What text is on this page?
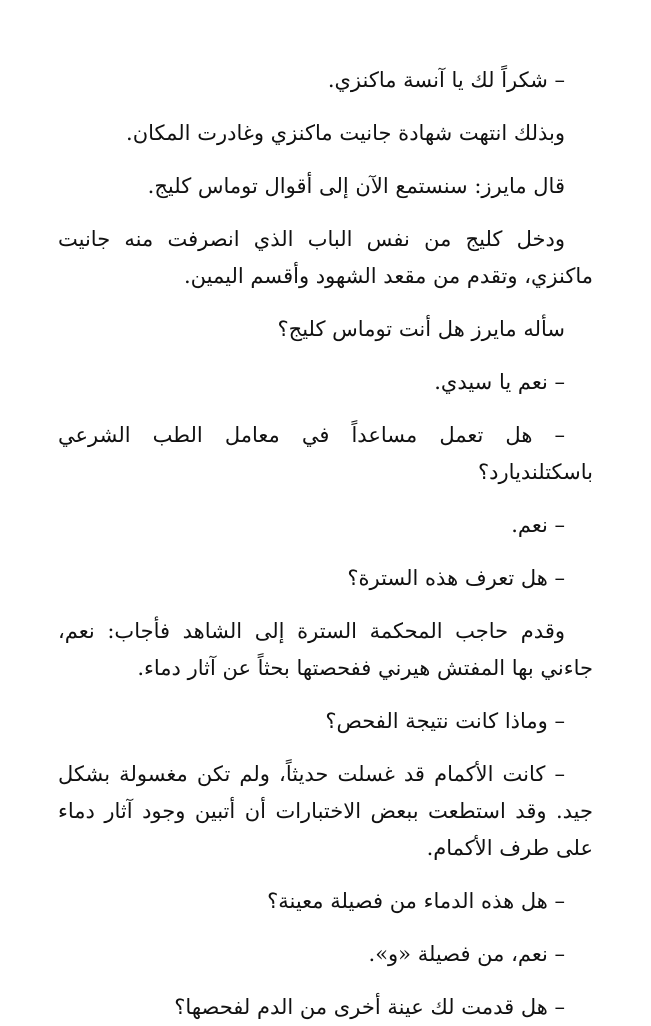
– شكراً لك يا آنسة ماكنزي.

وبذلك انتهت شهادة جانيت ماكنزي وغادرت المكان.

قال مايرز: سنستمع الآن إلى أقوال توماس كليج.

ودخل كليج من نفس الباب الذي انصرفت منه جانيت ماكنزي، وتقدم من مقعد الشهود وأقسم اليمين.

سأله مايرز هل أنت توماس كليج؟

– نعم يا سيدي.

– هل تعمل مساعداً في معامل الطب الشرعي باسكتلنديارد؟

– نعم.

– هل تعرف هذه السترة؟

وقدم حاجب المحكمة السترة إلى الشاهد فأجاب: نعم، جاءني بها المفتش هيرني ففحصتها بحثاً عن آثار دماء.

– وماذا كانت نتيجة الفحص؟

– كانت الأكمام قد غسلت حديثاً، ولم تكن مغسولة بشكل جيد. وقد استطعت ببعض الاختبارات أن أتبين وجود آثار دماء على طرف الأكمام.

– هل هذه الدماء من فصيلة معينة؟

– نعم، من فصيلة «و».

– هل قدمت لك عينة أخرى من الدم لفحصها؟
